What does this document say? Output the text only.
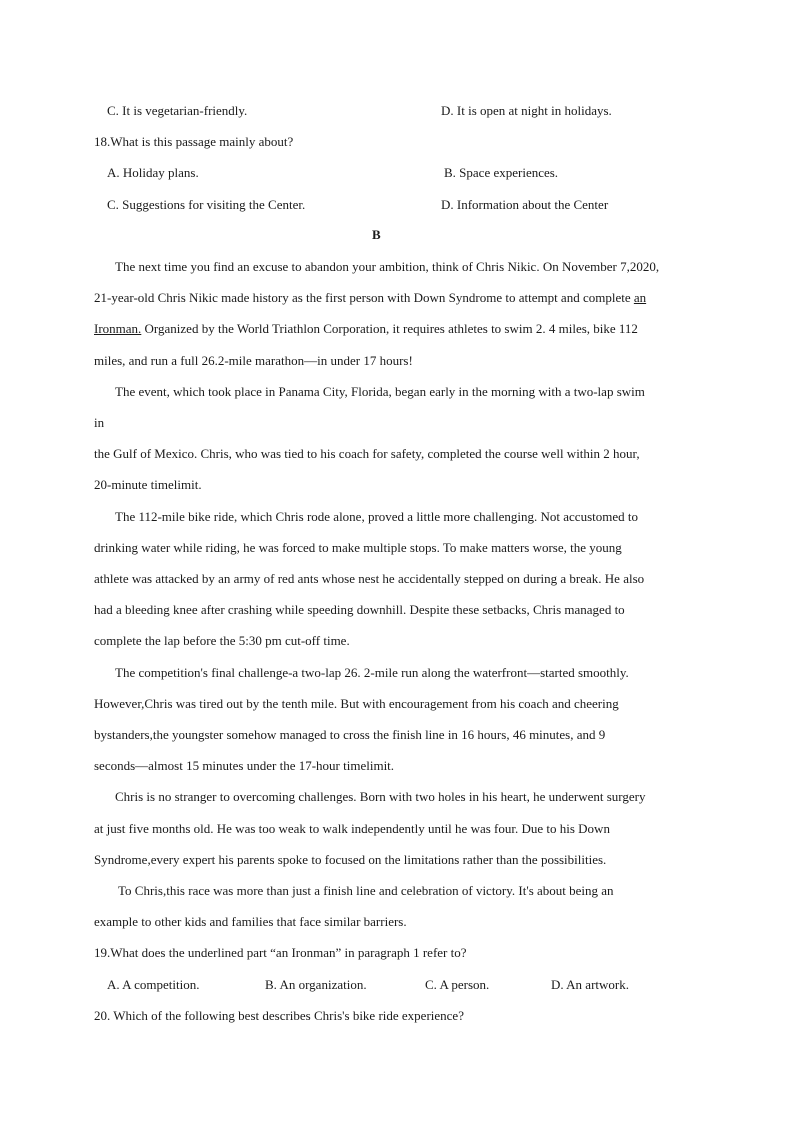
C. It is vegetarian-friendly.	D. It is open at night in holidays.
18.What is this passage mainly about?
A. Holiday plans.	B. Space experiences.
C. Suggestions for visiting the Center.	D. Information about the Center
B
The next time you find an excuse to abandon your ambition, think of Chris Nikic. On November 7,2020,
21-year-old Chris Nikic made history as the first person with Down Syndrome to attempt and complete an
Ironman. Organized by the World Triathlon Corporation, it requires athletes to swim 2. 4 miles, bike 112
miles, and run a full 26.2-mile marathon—in under 17 hours!
The event, which took place in Panama City, Florida, began early in the morning with a two-lap swim
in
the Gulf of Mexico. Chris, who was tied to his coach for safety, completed the course well within 2 hour,
20-minute timelimit.
The 112-mile bike ride, which Chris rode alone, proved a little more challenging. Not accustomed to
drinking water while riding, he was forced to make multiple stops. To make matters worse, the young
athlete was attacked by an army of red ants whose nest he accidentally stepped on during a break. He also
had a bleeding knee after crashing while speeding downhill. Despite these setbacks, Chris managed to
complete the lap before the 5:30 pm cut-off time.
The competition's final challenge-a two-lap 26. 2-mile run along the waterfront—started smoothly.
However,Chris was tired out by the tenth mile. But with encouragement from his coach and cheering
bystanders,the youngster somehow managed to cross the finish line in 16 hours, 46 minutes, and 9
seconds—almost 15 minutes under the 17-hour timelimit.
Chris is no stranger to overcoming challenges. Born with two holes in his heart, he underwent surgery
at just five months old. He was too weak to walk independently until he was four. Due to his Down
Syndrome,every expert his parents spoke to focused on the limitations rather than the possibilities.
To Chris,this race was more than just a finish line and celebration of victory. It's about being an
example to other kids and families that face similar barriers.
19.What does the underlined part “an Ironman” in paragraph 1 refer to?
A. A competition.	B. An organization.	C. A person.	D. An artwork.
20. Which of the following best describes Chris's bike ride experience?
